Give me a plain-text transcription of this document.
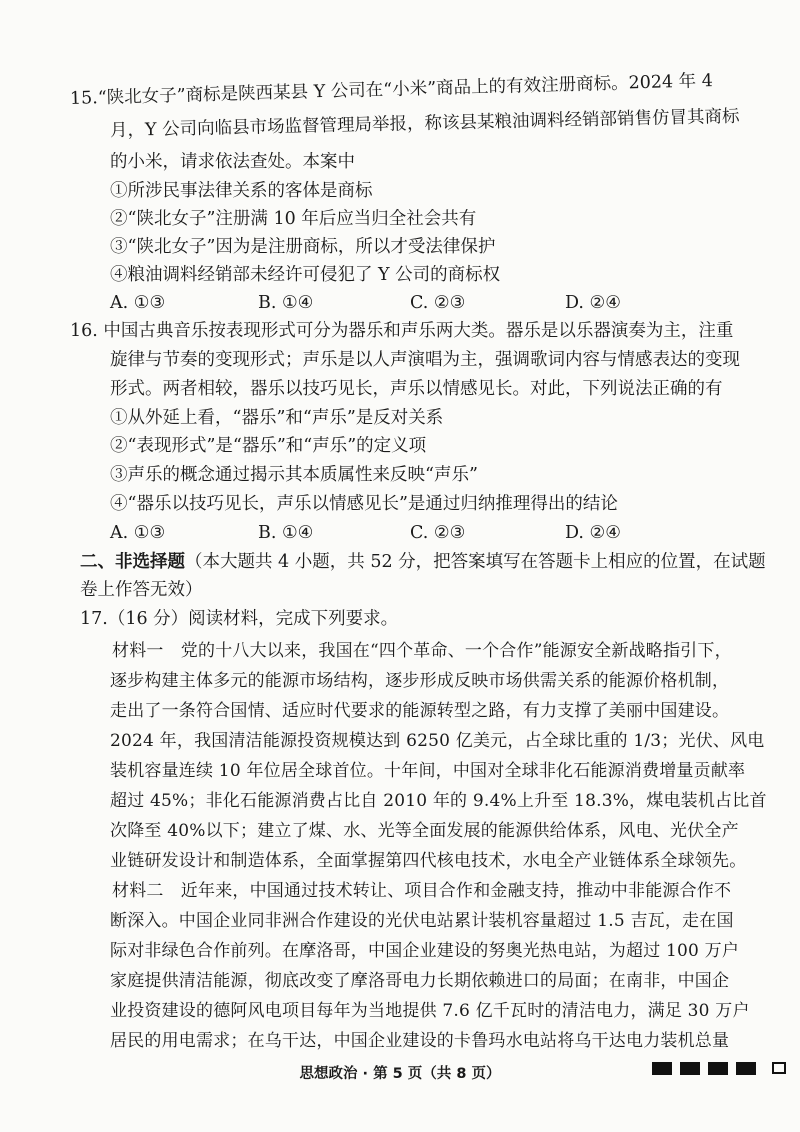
15.“陕北女子”商标是陕西某县 Y 公司在“小米”商品上的有效注册商标。2024 年 4
月，Y 公司向临县市场监督管理局举报，称该县某粮油调料经销部销售仿冒其商标
的小米，请求依法查处。本案中
①所涉民事法律关系的客体是商标
②“陕北女子”注册满 10 年后应当归全社会共有
③“陕北女子”因为是注册商标，所以才受法律保护
④粮油调料经销部未经许可侵犯了 Y 公司的商标权
A. ①③	B. ①④	C. ②③	D. ②④
16. 中国古典音乐按表现形式可分为器乐和声乐两大类。器乐是以乐器演奏为主，注重
旋律与节奏的变现形式；声乐是以人声演唱为主，强调歌词内容与情感表达的变现
形式。两者相较，器乐以技巧见长，声乐以情感见长。对此，下列说法正确的有
①从外延上看，“器乐”和“声乐”是反对关系
②“表现形式”是“器乐”和“声乐”的定义项
③声乐的概念通过揭示其本质属性来反映“声乐”
④“器乐以技巧见长，声乐以情感见长”是通过归纳推理得出的结论
A. ①③	B. ①④	C. ②③	D. ②④
二、非选择题（本大题共 4 小题，共 52 分，把答案填写在答题卡上相应的位置，在试题
卷上作答无效）
17.（16 分）阅读材料，完成下列要求。
材料一　党的十八大以来，我国在“四个革命、一个合作”能源安全新战略指引下，
逐步构建主体多元的能源市场结构，逐步形成反映市场供需关系的能源价格机制，
走出了一条符合国情、适应时代要求的能源转型之路，有力支撑了美丽中国建设。
2024 年，我国清洁能源投资规模达到 6250 亿美元，占全球比重的 1/3；光伏、风电
装机容量连续 10 年位居全球首位。十年间，中国对全球非化石能源消费增量贡献率
超过 45%；非化石能源消费占比自 2010 年的 9.4%上升至 18.3%，煤电装机占比首
次降至 40%以下；建立了煤、水、光等全面发展的能源供给体系，风电、光伏全产
业链研发设计和制造体系，全面掌握第四代核电技术，水电全产业链体系全球领先。
材料二　近年来，中国通过技术转让、项目合作和金融支持，推动中非能源合作不
断深入。中国企业同非洲合作建设的光伏电站累计装机容量超过 1.5 吉瓦，走在国
际对非绿色合作前列。在摩洛哥，中国企业建设的努奥光热电站，为超过 100 万户
家庭提供清洁能源，彻底改变了摩洛哥电力长期依赖进口的局面；在南非，中国企
业投资建设的德阿风电项目每年为当地提供 7.6 亿千瓦时的清洁电力，满足 30 万户
居民的用电需求；在乌干达，中国企业建设的卡鲁玛水电站将乌干达电力装机总量
思想政治 · 第 5 页（共 8 页）
